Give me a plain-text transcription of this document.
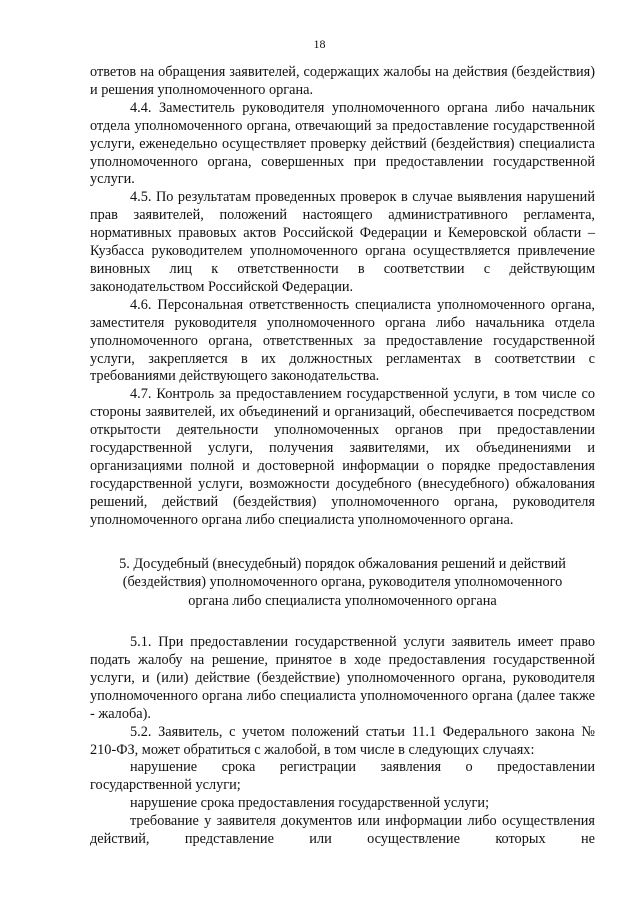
18

ответов на обращения заявителей, содержащих жалобы на действия (бездействия) и решения уполномоченного органа.

4.4. Заместитель руководителя уполномоченного органа либо начальник отдела уполномоченного органа, отвечающий за предоставление государственной услуги, еженедельно осуществляет проверку действий (бездействия) специалиста уполномоченного органа, совершенных при предоставлении государственной услуги.

4.5. По результатам проведенных проверок в случае выявления нарушений прав заявителей, положений настоящего административного регламента, нормативных правовых актов Российской Федерации и Кемеровской области – Кузбасса руководителем уполномоченного органа осуществляется привлечение виновных лиц к ответственности в соответствии с действующим законодательством Российской Федерации.

4.6. Персональная ответственность специалиста уполномоченного органа, заместителя руководителя уполномоченного органа либо начальника отдела уполномоченного органа, ответственных за предоставление государственной услуги, закрепляется в их должностных регламентах в соответствии с требованиями действующего законодательства.

4.7. Контроль за предоставлением государственной услуги, в том числе со стороны заявителей, их объединений и организаций, обеспечивается посредством открытости деятельности уполномоченных органов при предоставлении государственной услуги, получения заявителями, их объединениями и организациями полной и достоверной информации о порядке предоставления государственной услуги, возможности досудебного (внесудебного) обжалования решений, действий (бездействия) уполномоченного органа, руководителя уполномоченного органа либо специалиста уполномоченного органа.

5. Досудебный (внесудебный) порядок обжалования решений и действий
(бездействия) уполномоченного органа, руководителя уполномоченного
органа либо специалиста уполномоченного органа

5.1. При предоставлении государственной услуги заявитель имеет право подать жалобу на решение, принятое в ходе предоставления государственной услуги, и (или) действие (бездействие) уполномоченного органа, руководителя уполномоченного органа либо специалиста уполномоченного органа (далее также - жалоба).

5.2. Заявитель, с учетом положений статьи 11.1 Федерального закона № 210-ФЗ, может обратиться с жалобой, в том числе в следующих случаях:

нарушение срока регистрации заявления о предоставлении государственной услуги;

нарушение срока предоставления государственной услуги;

требование у заявителя документов или информации либо осуществления действий, представление или осуществление которых не
